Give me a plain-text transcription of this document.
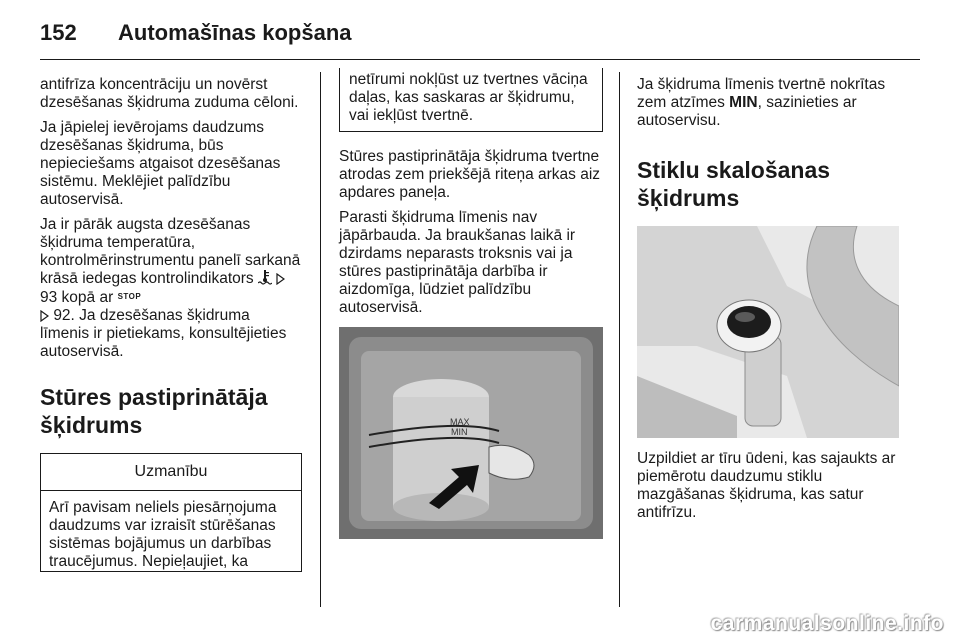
152 Automašīnas kopšana

antifrīza koncentrāciju un novērst dzesēšanas šķidruma zuduma cēloni.

Ja jāpielej ievērojams daudzums dzesēšanas šķidruma, būs nepieciešams atgaisot dzesēšanas sistēmu. Meklējiet palīdzību autoservisā.

Ja ir pārāk augsta dzesēšanas šķidruma temperatūra, kontrolmērinstrumentu panelī sarkanā krāsā iedegas kontrolindikators   93 kopā ar STOP
92. Ja dzesēšanas šķidruma līmenis ir pietiekams, konsultējieties autoservisā.

Stūres pastiprinātāja šķidrums
Uzmanību
Arī pavisam neliels piesārņojuma daudzums var izraisīt stūrēšanas sistēmas bojājumus un darbības traucējumus. Nepieļaujiet, ka
netīrumi nokļūst uz tvertnes vāciņa daļas, kas saskaras ar šķidrumu, vai iekļūst tvertnē.

Stūres pastiprinātāja šķidruma tvertne atrodas zem priekšējā riteņa arkas aiz apdares paneļa.

Parasti šķidruma līmenis nav jāpārbauda. Ja braukšanas laikā ir dzirdams neparasts troksnis vai ja stūres pastiprinātāja darbība ir aizdomīga, lūdziet palīdzību autoservisā.

MAX
MIN

Ja šķidruma līmenis tvertnē nokrītas zem atzīmes MIN, sazinieties ar autoservisu.

Stiklu skalošanas šķidrums

Uzpildiet ar tīru ūdeni, kas sajaukts ar piemērotu daudzumu stiklu mazgāšanas šķidruma, kas satur antifrīzu.

carmanualsonline.info
